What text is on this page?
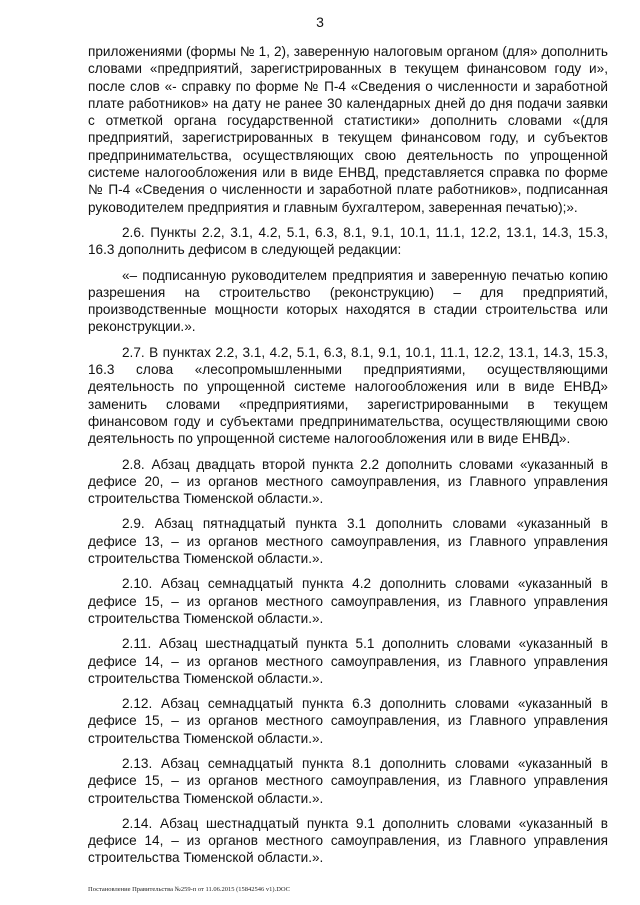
3

приложениями (формы № 1, 2), заверенную налоговым органом (для» дополнить словами «предприятий, зарегистрированных в текущем финансовом году и», после слов «- справку по форме № П-4 «Сведения о численности и заработной плате работников» на дату не ранее 30 календарных дней до дня подачи заявки с отметкой органа государственной статистики» дополнить словами «(для предприятий, зарегистрированных в текущем финансовом году, и субъектов предпринимательства, осуществляющих свою деятельность по упрощенной системе налогообложения или в виде ЕНВД, представляется справка по форме № П-4 «Сведения о численности и заработной плате работников», подписанная руководителем предприятия и главным бухгалтером, заверенная печатью);».

2.6. Пункты 2.2, 3.1, 4.2, 5.1, 6.3, 8.1, 9.1, 10.1, 11.1, 12.2, 13.1, 14.3, 15.3, 16.3 дополнить дефисом в следующей редакции:

«– подписанную руководителем предприятия и заверенную печатью копию разрешения на строительство (реконструкцию) – для предприятий, производственные мощности которых находятся в стадии строительства или реконструкции.».

2.7. В пунктах 2.2, 3.1, 4.2, 5.1, 6.3, 8.1, 9.1, 10.1, 11.1, 12.2, 13.1, 14.3, 15.3, 16.3 слова «лесопромышленными предприятиями, осуществляющими деятельность по упрощенной системе налогообложения или в виде ЕНВД» заменить словами «предприятиями, зарегистрированными в текущем финансовом году и субъектами предпринимательства, осуществляющими свою деятельность по упрощенной системе налогообложения или в виде ЕНВД».

2.8. Абзац двадцать второй пункта 2.2 дополнить словами «указанный в дефисе 20, – из органов местного самоуправления, из Главного управления строительства Тюменской области.».

2.9. Абзац пятнадцатый пункта 3.1 дополнить словами «указанный в дефисе 13, – из органов местного самоуправления, из Главного управления строительства Тюменской области.».

2.10. Абзац семнадцатый пункта 4.2 дополнить словами «указанный в дефисе 15, – из органов местного самоуправления, из Главного управления строительства Тюменской области.».

2.11. Абзац шестнадцатый пункта 5.1 дополнить словами «указанный в дефисе 14, – из органов местного самоуправления, из Главного управления строительства Тюменской области.».

2.12. Абзац семнадцатый пункта 6.3 дополнить словами «указанный в дефисе 15, – из органов местного самоуправления, из Главного управления строительства Тюменской области.».

2.13. Абзац семнадцатый пункта 8.1 дополнить словами «указанный в дефисе 15, – из органов местного самоуправления, из Главного управления строительства Тюменской области.».

2.14. Абзац шестнадцатый пункта 9.1 дополнить словами «указанный в дефисе 14, – из органов местного самоуправления, из Главного управления строительства Тюменской области.».

Постановление Правительства №259-п от 11.06.2015 (15842546 v1).DOC
